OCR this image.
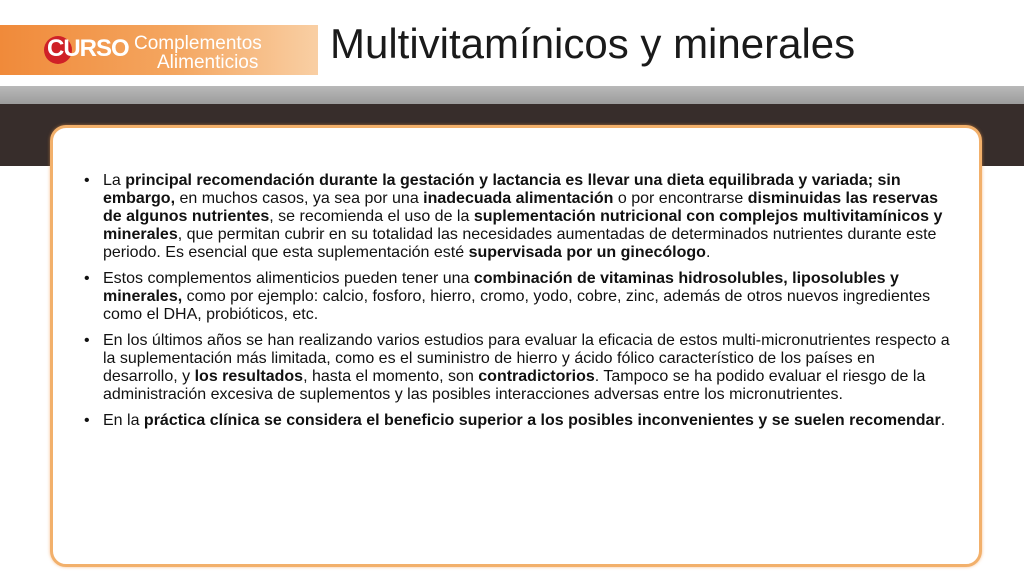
CURSO Complementos
Alimenticios Multivitamínicos y minerales
• La principal recomendación durante la gestación y lactancia es llevar una dieta equilibrada y variada; sin embargo, en muchos casos, ya sea por una inadecuada alimentación o por encontrarse disminuidas las reservas de algunos nutrientes, se recomienda el uso de la suplementación nutricional con complejos multivitamínicos y minerales, que permitan cubrir en su totalidad las necesidades aumentadas de determinados nutrientes durante este periodo. Es esencial que esta suplementación esté supervisada por un ginecólogo.
• Estos complementos alimenticios pueden tener una combinación de vitaminas hidrosolubles, liposolubles y minerales, como por ejemplo: calcio, fosforo, hierro, cromo, yodo, cobre, zinc, además de otros nuevos ingredientes como el DHA, probióticos, etc.
• En los últimos años se han realizando varios estudios para evaluar la eficacia de estos multi-micronutrientes respecto a la suplementación más limitada, como es el suministro de hierro y ácido fólico característico de los países en desarrollo, y los resultados, hasta el momento, son contradictorios. Tampoco se ha podido evaluar el riesgo de la administración excesiva de suplementos y las posibles interacciones adversas entre los micronutrientes.
• En la práctica clínica se considera el beneficio superior a los posibles inconvenientes y se suelen recomendar.
